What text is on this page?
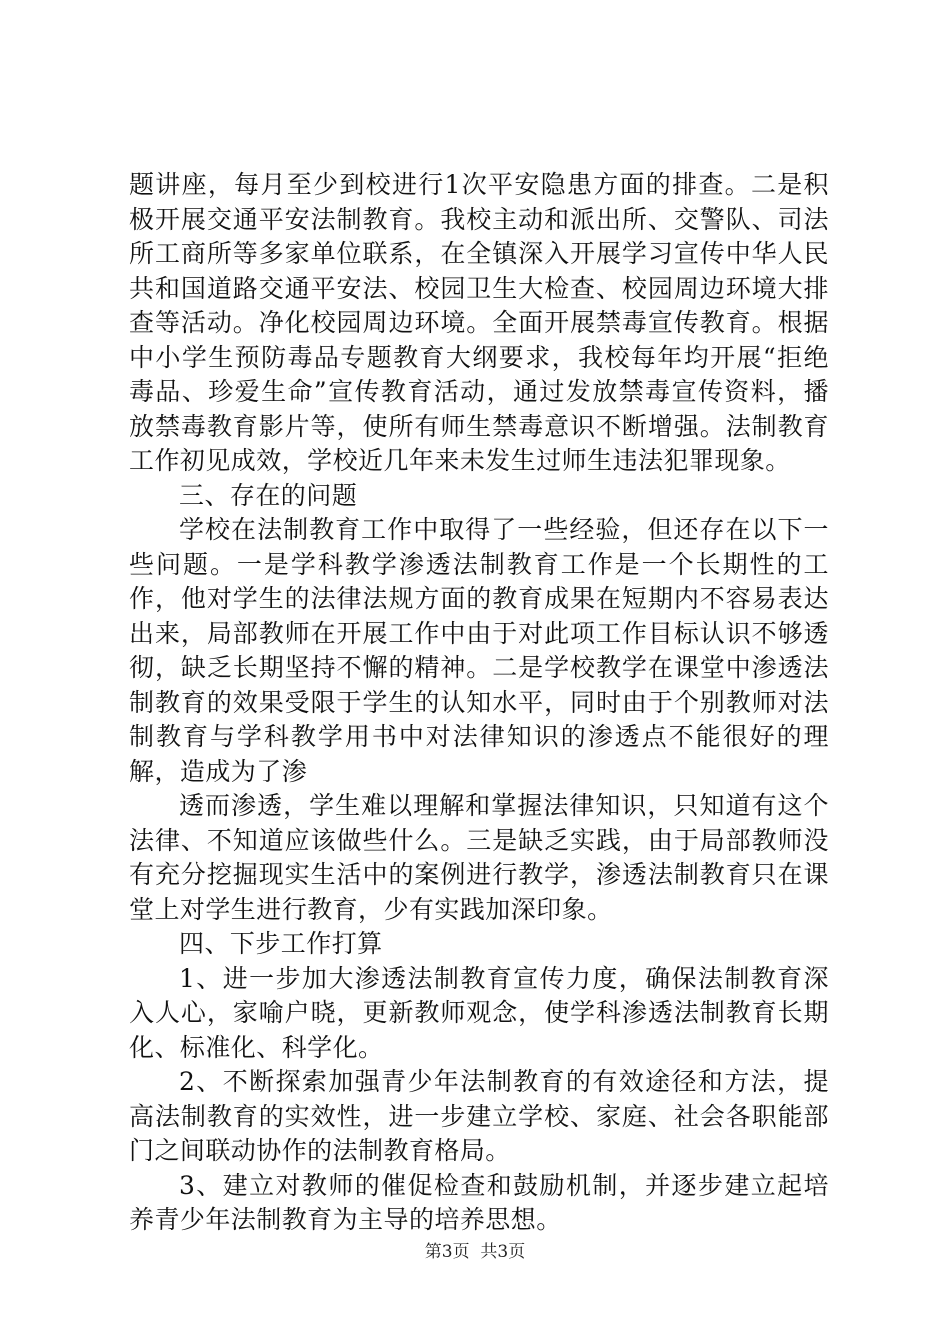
题讲座，每月至少到校进行1次平安隐患方面的排查。二是积极开展交通平安法制教育。我校主动和派出所、交警队、司法所工商所等多家单位联系，在全镇深入开展学习宣传中华人民共和国道路交通平安法、校园卫生大检查、校园周边环境大排查等活动。净化校园周边环境。全面开展禁毒宣传教育。根据中小学生预防毒品专题教育大纲要求，我校每年均开展“拒绝毒品、珍爱生命”宣传教育活动，通过发放禁毒宣传资料，播放禁毒教育影片等，使所有师生禁毒意识不断增强。法制教育工作初见成效，学校近几年来未发生过师生违法犯罪现象。

三、存在的问题

学校在法制教育工作中取得了一些经验，但还存在以下一些问题。一是学科教学渗透法制教育工作是一个长期性的工作，他对学生的法律法规方面的教育成果在短期内不容易表达出来，局部教师在开展工作中由于对此项工作目标认识不够透彻，缺乏长期坚持不懈的精神。二是学校教学在课堂中渗透法制教育的效果受限于学生的认知水平，同时由于个别教师对法制教育与学科教学用书中对法律知识的渗透点不能很好的理解，造成为了渗

透而渗透，学生难以理解和掌握法律知识，只知道有这个法律、不知道应该做些什么。三是缺乏实践，由于局部教师没有充分挖掘现实生活中的案例进行教学，渗透法制教育只在课堂上对学生进行教育，少有实践加深印象。

四、下步工作打算

1、进一步加大渗透法制教育宣传力度，确保法制教育深入人心，家喻户晓，更新教师观念，使学科渗透法制教育长期化、标准化、科学化。

2、不断探索加强青少年法制教育的有效途径和方法，提高法制教育的实效性，进一步建立学校、家庭、社会各职能部门之间联动协作的法制教育格局。

3、建立对教师的催促检查和鼓励机制，并逐步建立起培养青少年法制教育为主导的培养思想。

第3页  共3页
